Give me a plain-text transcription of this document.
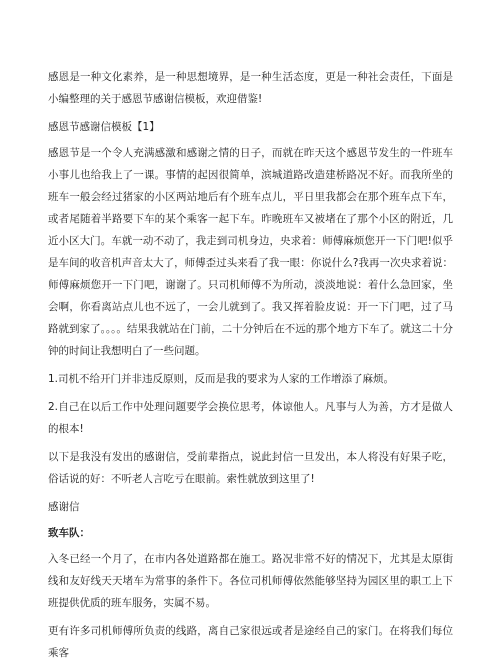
感恩是一种文化素养，是一种思想境界，是一种生活态度，更是一种社会责任，下面是小编整理的关于感恩节感谢信模板，欢迎借鉴!

感恩节感谢信模板【1】

感恩节是一个令人充满感激和感谢之情的日子，而就在昨天这个感恩节发生的一件班车小事儿也给我上了一课。事情的起因很简单，滨城道路改造建桥路况不好。而我所坐的班车一般会经过猪家的小区两站地后有个班车点儿，平日里我都会在那个班车点下车，或者尾随着半路要下车的某个乘客一起下车。昨晚班车又被堵在了那个小区的附近，几近小区大门。车就一动不动了，我走到司机身边，央求着：师傅麻烦您开一下门吧!似乎是车间的收音机声音太大了，师傅歪过头来看了我一眼：你说什么?我再一次央求着说：师傅麻烦您开一下门吧，谢谢了。只司机师傅不为所动，淡淡地说：着什么急回家，坐会啊，你看离站点儿也不远了，一会儿就到了。我又挥着脸皮说：开一下门吧，过了马路就到家了。。。。结果我就站在门前，二十分钟后在不远的那个地方下车了。就这二十分钟的时间让我想明白了一些问题。

1.司机不给开门并非违反原则，反而是我的要求为人家的工作增添了麻烦。

2.自己在以后工作中处理问题要学会换位思考，体谅他人。凡事与人为善，方才是做人的根本!

以下是我没有发出的感谢信，受前辈指点，说此封信一旦发出，本人将没有好果子吃，俗话说的好：不听老人言吃亏在眼前。索性就放到这里了!

感谢信

致车队：

入冬已经一个月了，在市内各处道路都在施工。路况非常不好的情况下，尤其是太原街线和友好线天天堵车为常事的条件下。各位司机师傅依然能够坚持为园区里的职工上下班提供优质的班车服务，实属不易。

更有许多司机师傅所负责的线路，离自己家很远或者是途经自己的家门。在将我们每位乘客
